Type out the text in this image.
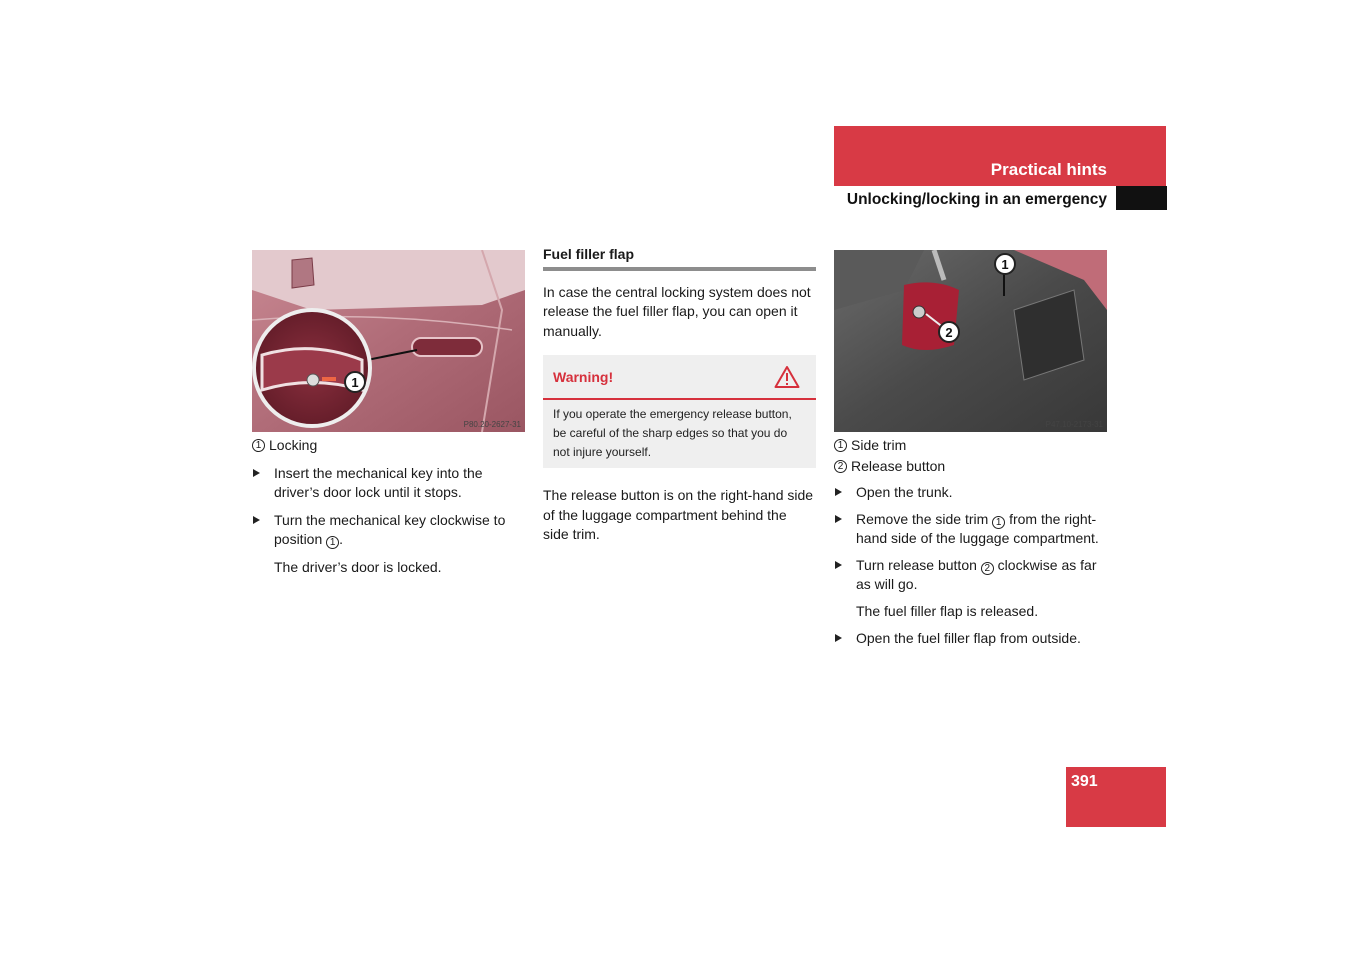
Practical hints
Unlocking/locking in an emergency
1
P80.20-2627-31
1 Locking

Insert the mechanical key into the driver’s door lock until it stops.

Turn the mechanical key clockwise to position 1 .

The driver’s door is locked.

Fuel filler flap

In case the central locking system does not release the fuel filler flap, you can open it manually.

Warning!
If you operate the emergency release button, be careful of the sharp edges so that you do not injure yourself.

The release button is on the right-hand side of the luggage compartment behind the side trim.

1
2
P47.10-2173-31
1 Side trim
2 Release button

Open the trunk.

Remove the side trim 1 from the right-hand side of the luggage compartment.

Turn release button 2 clockwise as far as will go.

The fuel filler flap is released.

Open the fuel filler flap from outside.

391
